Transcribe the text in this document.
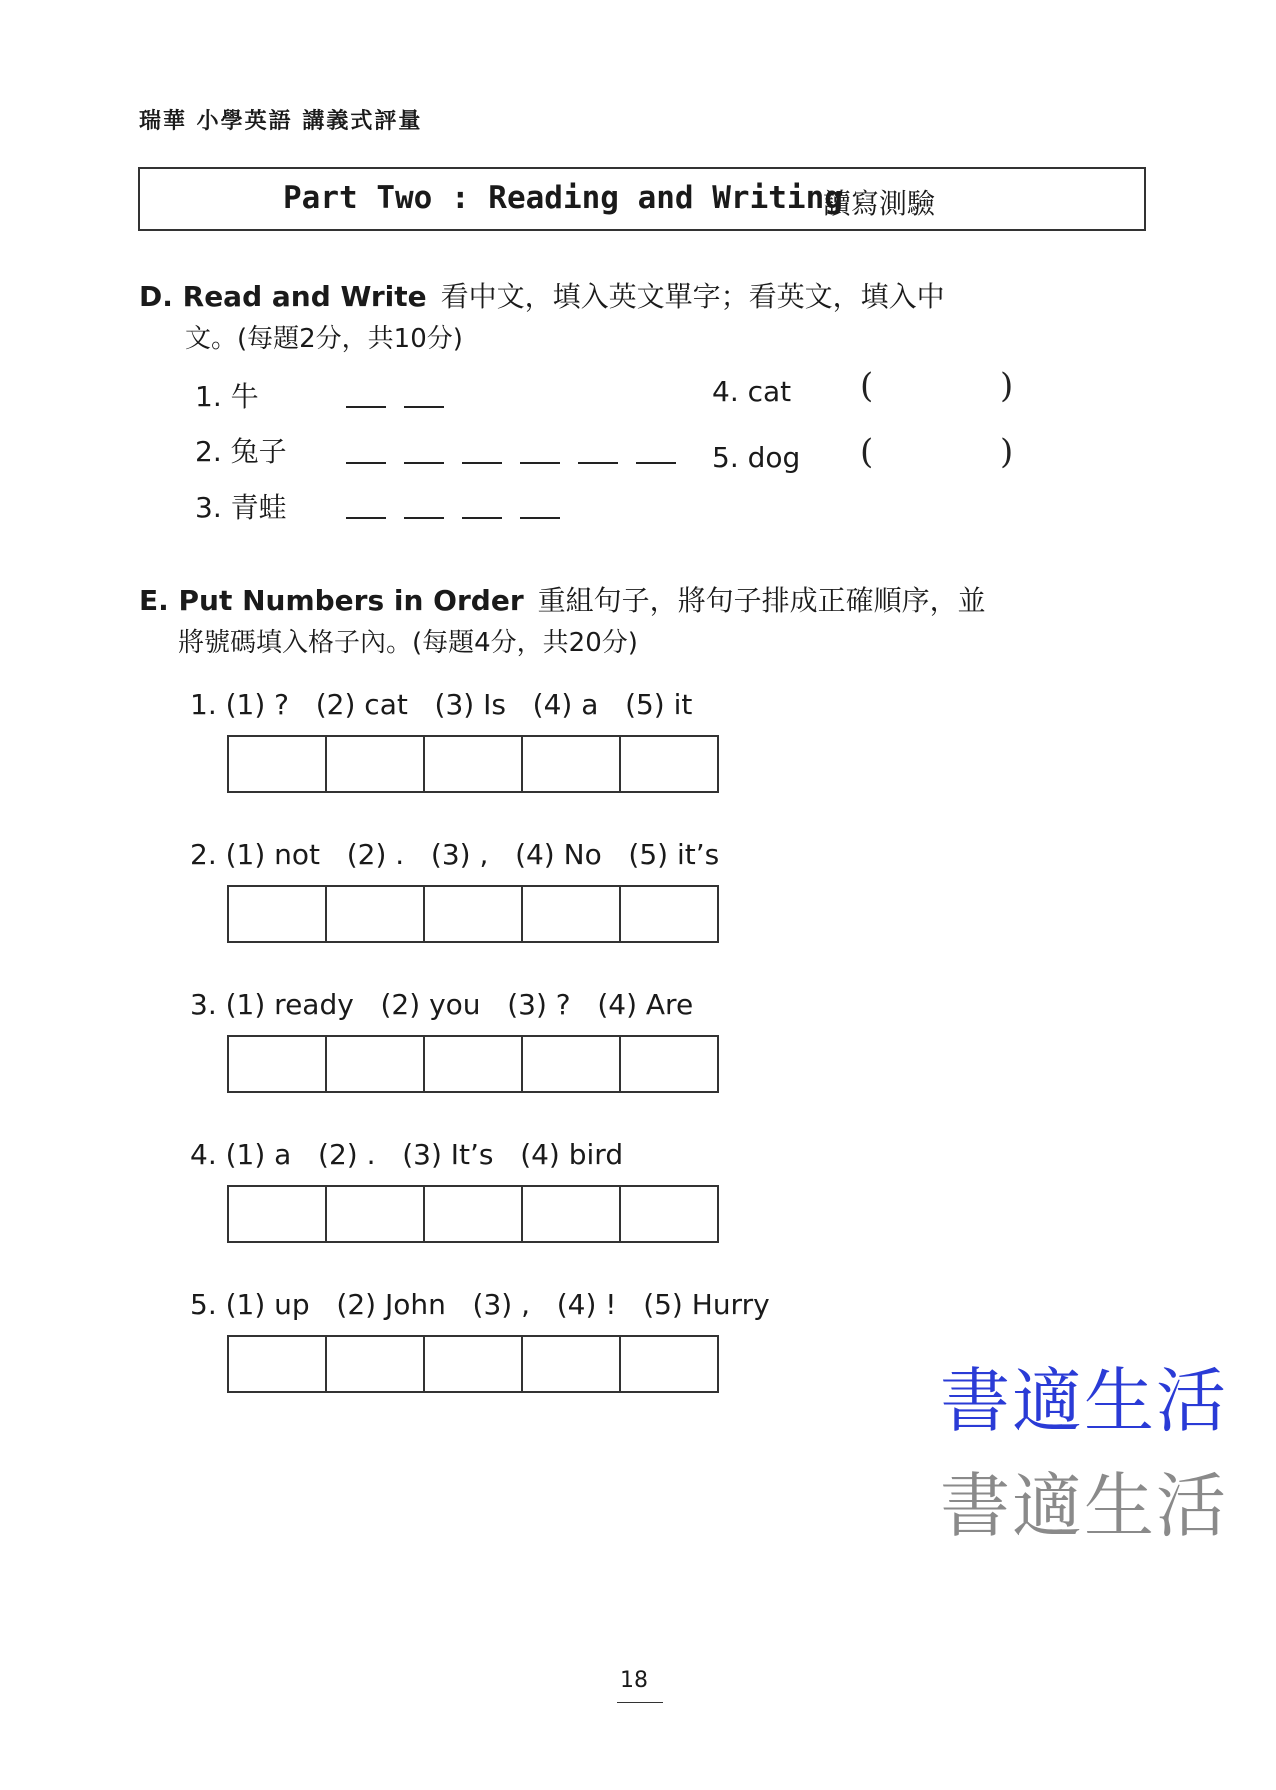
瑞華 小學英語 講義式評量
Part Two : Reading and Writing
讀寫測驗
D. Read and Write 看中文，填入英文單字；看英文，填入中
文。(每題2分，共10分)
1. 牛
2. 兔子
3. 青蛙
4. cat (	)
5. dog (	)
E. Put Numbers in Order 重組句子，將句子排成正確順序，並
將號碼填入格子內。(每題4分，共20分)
1. (1) ?   (2) cat   (3) Is   (4) a   (5) it
2. (1) not   (2) .   (3) ,   (4) No   (5) it’s
3. (1) ready   (2) you   (3) ?   (4) Are
4. (1) a   (2) .   (3) It’s   (4) bird
5. (1) up   (2) John   (3) ,   (4) !   (5) Hurry
書適生活
書適生活
18
